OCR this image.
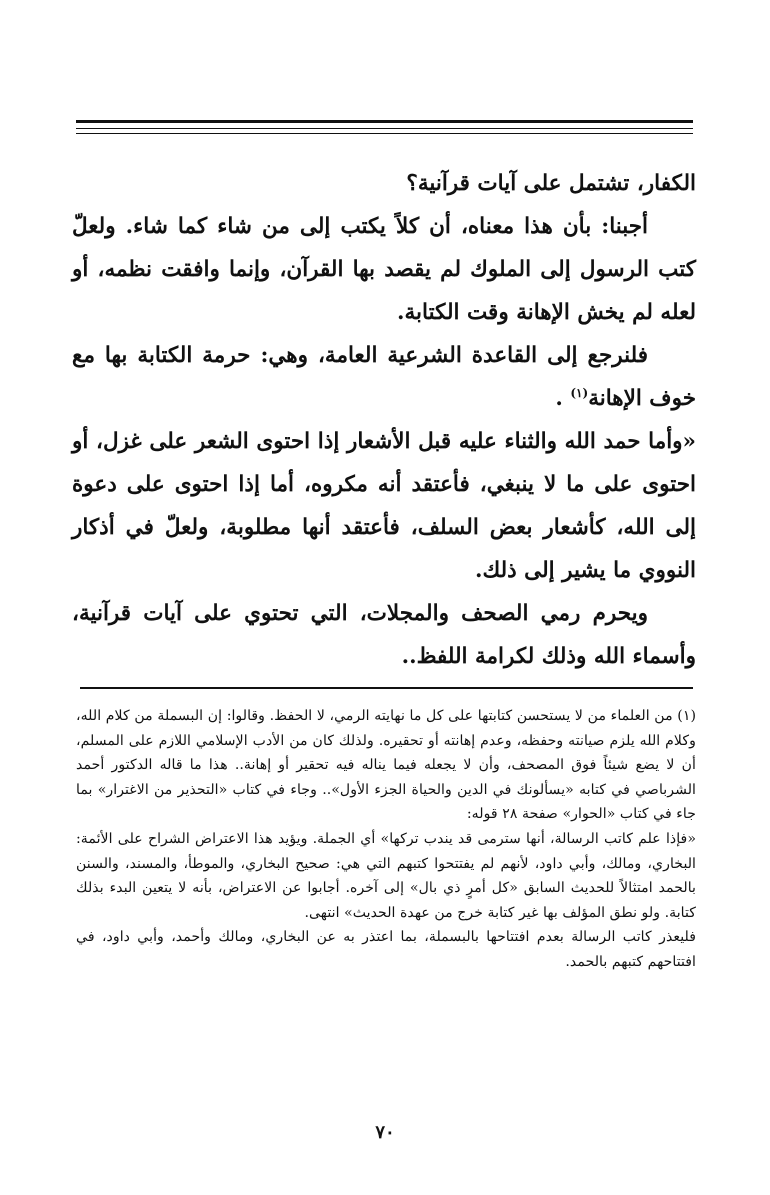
الكفار، تشتمل على آيات قرآنية؟

أجبنا: بأن هذا معناه، أن كلاً يكتب إلى من شاء كما شاء. ولعلّ كتب الرسول إلى الملوك لم يقصد بها القرآن، وإنما وافقت نظمه، أو لعله لم يخش الإهانة وقت الكتابة.

فلنرجع إلى القاعدة الشرعية العامة، وهي: حرمة الكتابة بها مع خوف الإهانة$^{(١)}$ .

«وأما حمد الله والثناء عليه قبل الأشعار إذا احتوى الشعر على غزل، أو احتوى على ما لا ينبغي، فأعتقد أنه مكروه، أما إذا احتوى على دعوة إلى الله، كأشعار بعض السلف، فأعتقد أنها مطلوبة، ولعلّ في أذكار النووي ما يشير إلى ذلك.

ويحرم رمي الصحف والمجلات، التي تحتوي على آيات قرآنية، وأسماء الله وذلك لكرامة اللفظ..

(١) من العلماء من لا يستحسن كتابتها على كل ما نهايته الرمي، لا الحفظ. وقالوا: إن البسملة من كلام الله، وكلام الله يلزم صيانته وحفظه، وعدم إهانته أو تحقيره. ولذلك كان من الأدب الإسلامي اللازم على المسلم، أن لا يضع شيئاً فوق المصحف، وأن لا يجعله فيما يناله فيه تحقير أو إهانة.. هذا ما قاله الدكتور أحمد الشرباصي في كتابه «يسألونك في الدين والحياة الجزء الأول».. وجاء في كتاب «التحذير من الاغترار» بما جاء في كتاب «الحوار» صفحة ٢٨ قوله:

«فإذا علم كاتب الرسالة، أنها سترمى قد يندب تركها» أي الجملة. ويؤيد هذا الاعتراض الشراح على الأئمة: البخاري، ومالك، وأبي داود، لأنهم لم يفتتحوا كتبهم التي هي: صحيح البخاري، والموطأ، والمسند، والسنن بالحمد امتثالاً للحديث السابق «كل أمرٍ ذي بال» إلى آخره. أجابوا عن الاعتراض، بأنه لا يتعين البدء بذلك كتابة. ولو نطق المؤلف بها غير كتابة خرج من عهدة الحديث» انتهى.

فليعذر كاتب الرسالة بعدم افتتاحها بالبسملة، بما اعتذر به عن البخاري، ومالك وأحمد، وأبي داود، في افتتاحهم كتبهم بالحمد.

٧٠
